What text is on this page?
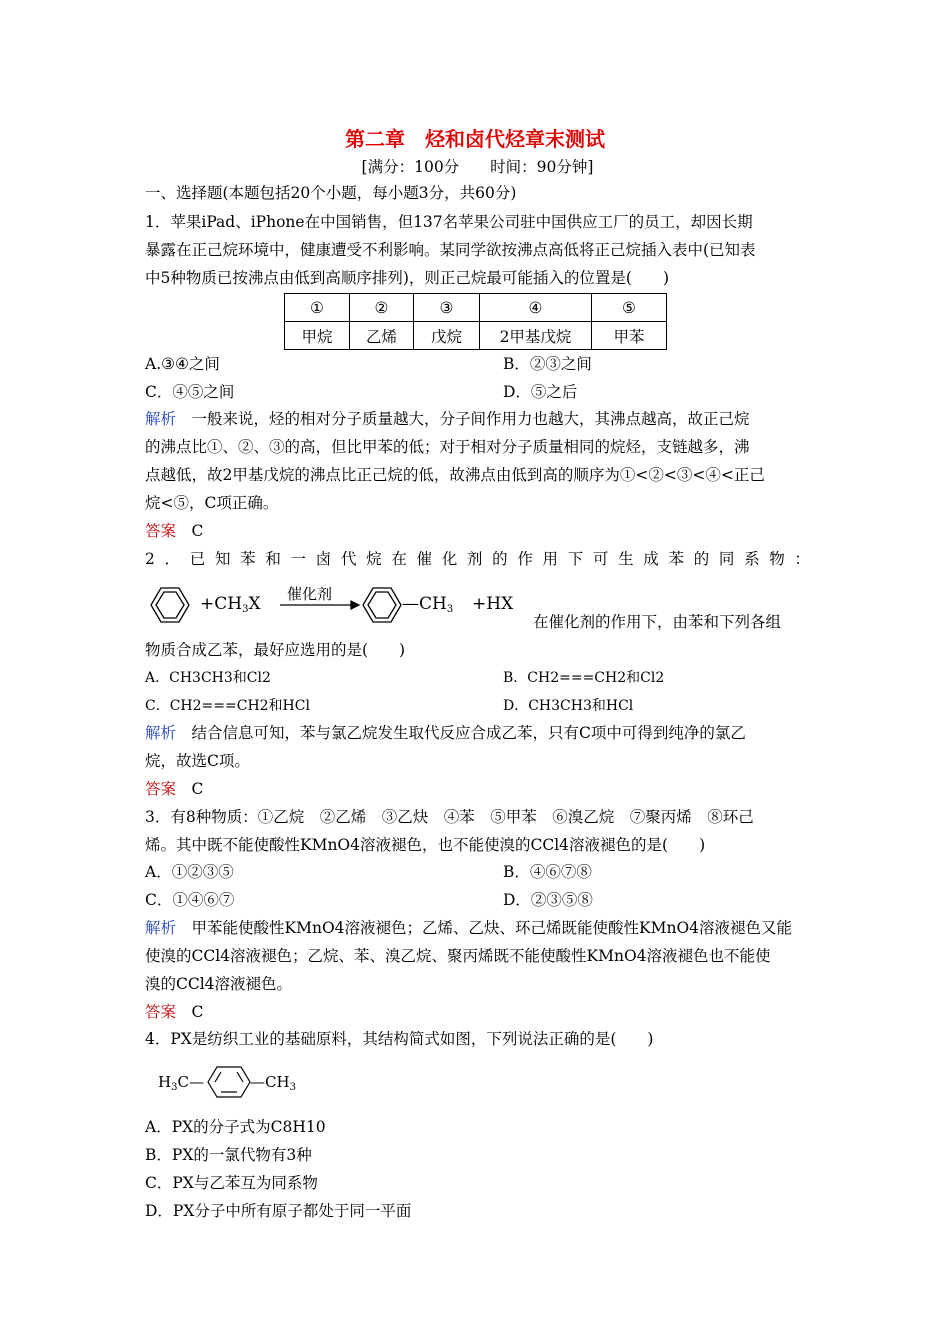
第二章　烃和卤代烃章末测试
[满分：100分　　时间：90分钟]
一、选择题(本题包括20个小题，每小题3分，共60分)
1．苹果iPad、iPhone在中国销售，但137名苹果公司驻中国供应工厂的员工，却因长期
暴露在正己烷环境中，健康遭受不利影响。某同学欲按沸点高低将正己烷插入表中(已知表
中5种物质已按沸点由低到高顺序排列)，则正己烷最可能插入的位置是(　　)
①	②	③	④	⑤
甲烷	乙烯	戊烷	2甲基戊烷	甲苯
A.③④之间	B．②③之间
C．④⑤之间	D．⑤之后
解析　一般来说，烃的相对分子质量越大，分子间作用力也越大，其沸点越高，故正己烷
的沸点比①、②、③的高，但比甲苯的低；对于相对分子质量相同的烷烃，支链越多，沸
点越低，故2甲基戊烷的沸点比正己烷的低，故沸点由低到高的顺序为①<②<③<④<正己
烷<⑤，C项正确。
答案　C
2．已知苯和一卤代烷在催化剂的作用下可生成苯的同系物：
$+CH_3X$ 催化剂	$—CH_3 +HX$
在催化剂的作用下，由苯和下列各组
物质合成乙苯，最好应选用的是(　　)
A．CH3CH3和Cl2	B．CH2===CH2和Cl2
C．CH2===CH2和HCl	D．CH3CH3和HCl
解析　结合信息可知，苯与氯乙烷发生取代反应合成乙苯，只有C项中可得到纯净的氯乙
烷，故选C项。
答案　C
3．有8种物质：①乙烷　②乙烯　③乙炔　④苯　⑤甲苯　⑥溴乙烷　⑦聚丙烯　⑧环己
烯。其中既不能使酸性KMnO4溶液褪色，也不能使溴的CCl4溶液褪色的是(　　)
A．①②③⑤	B．④⑥⑦⑧
C．①④⑥⑦	D．②③⑤⑧
解析　甲苯能使酸性KMnO4溶液褪色；乙烯、乙炔、环己烯既能使酸性KMnO4溶液褪色又能
使溴的CCl4溶液褪色；乙烷、苯、溴乙烷、聚丙烯既不能使酸性KMnO4溶液褪色也不能使
溴的CCl4溶液褪色。
答案　C
4．PX是纺织工业的基础原料，其结构简式如图，下列说法正确的是(　　)
$H_3C—$	$—CH_3$
A．PX的分子式为C8H10
B．PX的一氯代物有3种
C．PX与乙苯互为同系物
D．PX分子中所有原子都处于同一平面
